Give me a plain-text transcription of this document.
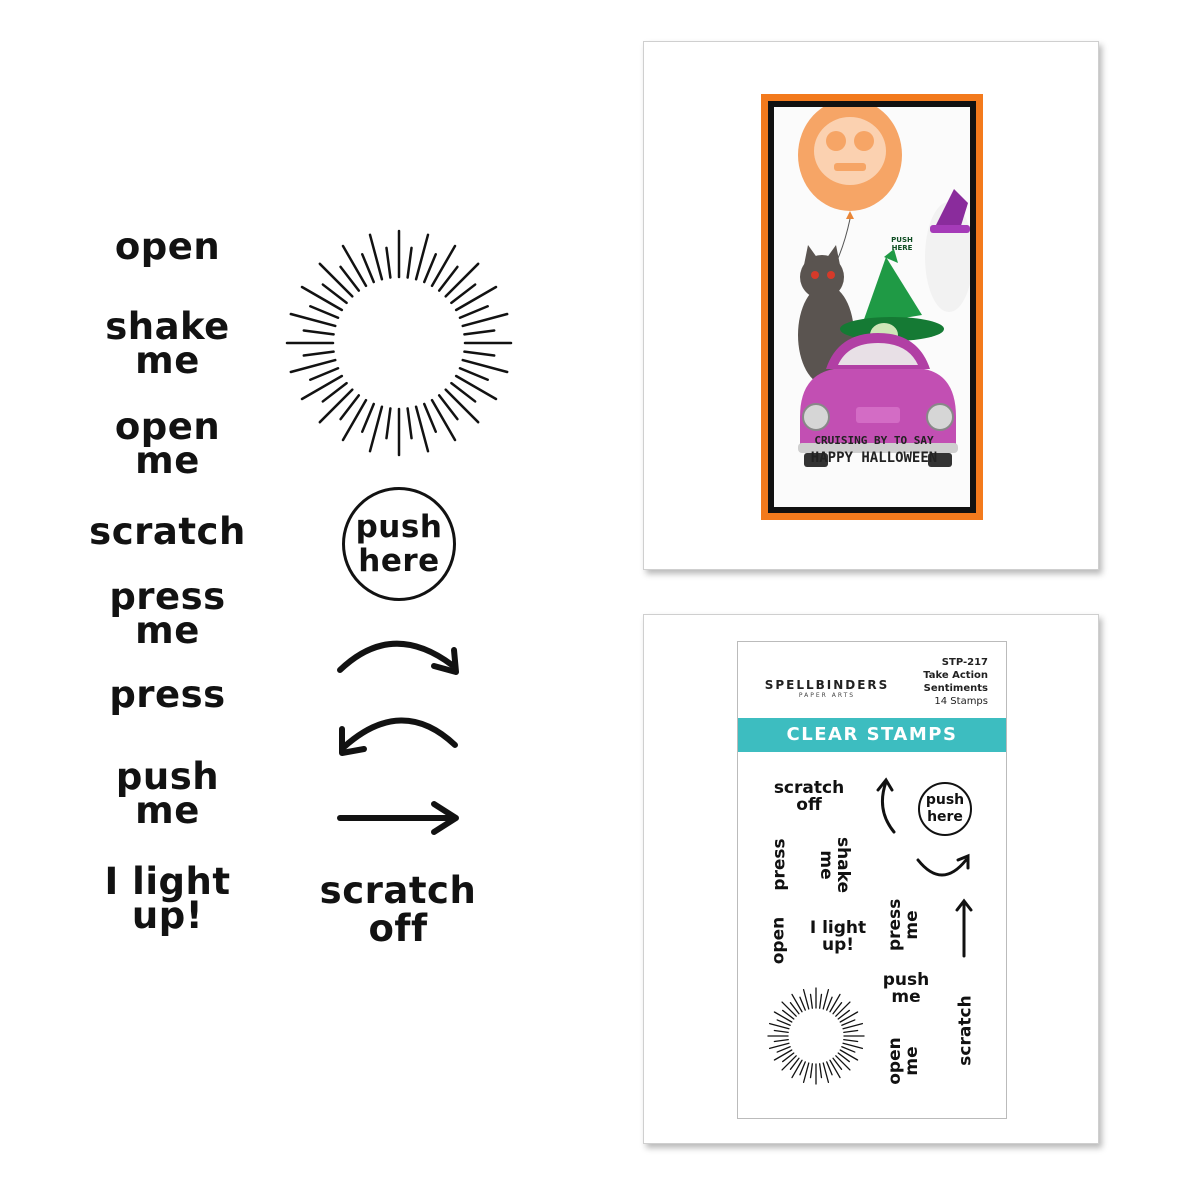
open
shake
me
open
me
scratch
press
me
press
push
me
I light
up!
push
here
scratch
off
PUSH
HERE
CRUISING BY TO SAY
HAPPY HALLOWEEN
SPELLBINDERS
PAPER ARTS
STP-217
Take Action
Sentiments
14 Stamps
CLEAR STAMPS
scratch
off	push
here
press	shake
me
open I light
up!	press
me
push
me
open
me scratch
